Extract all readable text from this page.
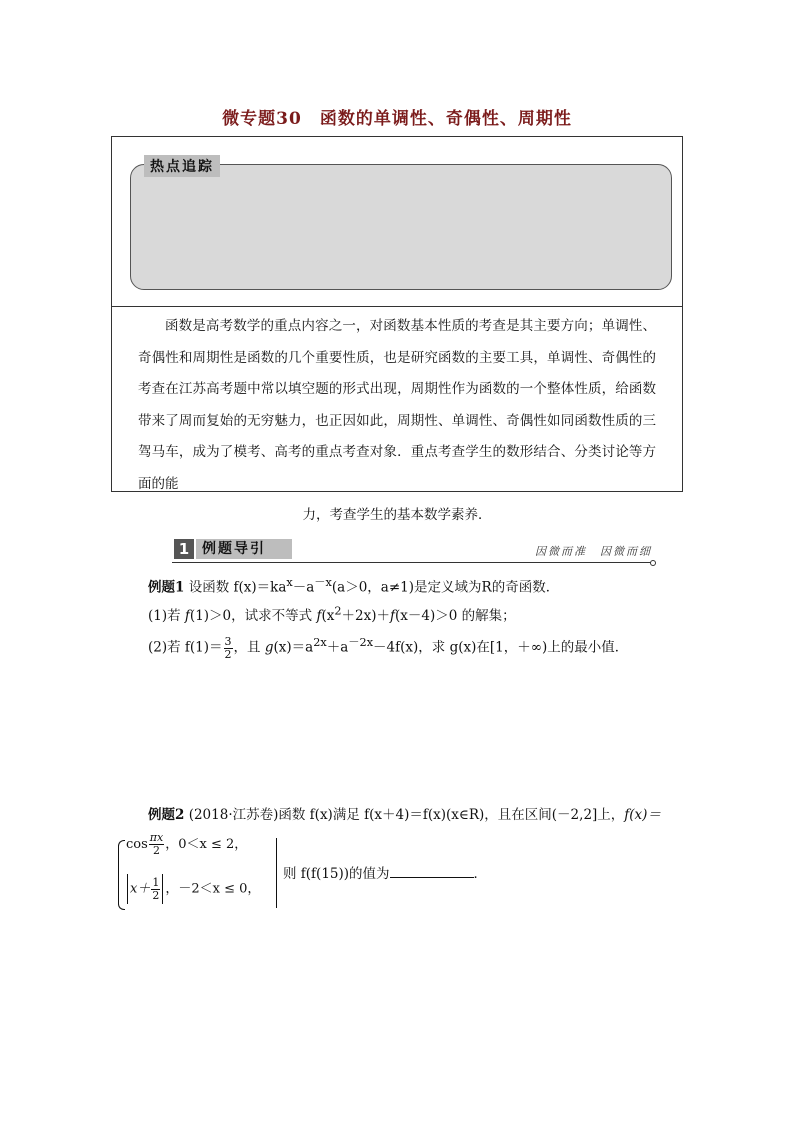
微专题30　函数的单调性、奇偶性、周期性
热点追踪
函数是高考数学的重点内容之一，对函数基本性质的考查是其主要方向；单调性、奇偶性和周期性是函数的几个重要性质，也是研究函数的主要工具，单调性、奇偶性的考查在江苏高考题中常以填空题的形式出现，周期性作为函数的一个整体性质，给函数带来了周而复始的无穷魅力，也正因如此，周期性、单调性、奇偶性如同函数性质的三驾马车，成为了模考、高考的重点考查对象．重点考查学生的数形结合、分类讨论等方面的能
力，考查学生的基本数学素养．
1 例题导引	因微而准　因微而细
例题1 设函数 $f(x)=ka^x-a^{-x}(a>0$，a≠1)是定义域为R的奇函数．
(1)若 f(1)＞0，试求不等式 $f(x^2+2x)+f(x-4)>0$ 的解集；
(2)若 $f(1)= \frac{3}{2}$ ，且 $g(x)=a^{2x}+a^{-2x}-4f(x)$，求 g(x)在[1，＋∞)上的最小值．
例题2 (2018·江苏卷)函数 f(x)满足 f(x＋4)＝f(x)(x∈R)，且在区间(－2,2]上，f(x)＝
$\cos \frac{\pi x}{2}$ ，0＜x ≤ 2，
$x+ \frac{1}{2}$ ，－2＜x ≤ 0，
则 f(f(15))的值为	．
